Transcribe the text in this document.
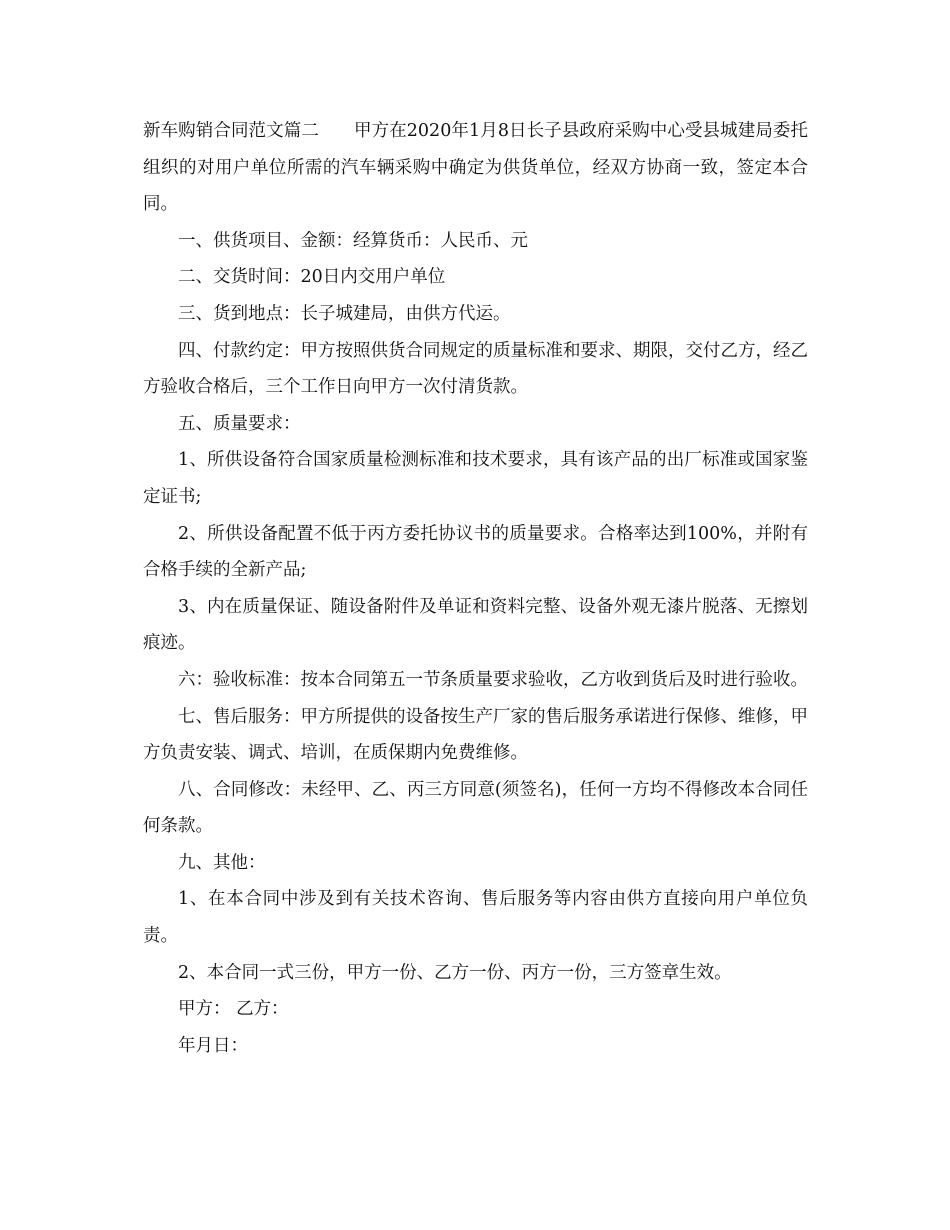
新车购销合同范文篇二 甲方在2020年1月8日长子县政府采购中心受县城建局委托组织的对用户单位所需的汽车辆采购中确定为供货单位，经双方协商一致，签定本合同。

一、供货项目、金额：经算货币：人民币、元

二、交货时间：20日内交用户单位

三、货到地点：长子城建局，由供方代运。

四、付款约定：甲方按照供货合同规定的质量标准和要求、期限，交付乙方，经乙方验收合格后，三个工作日向甲方一次付清货款。

五、质量要求：

1、所供设备符合国家质量检测标准和技术要求，具有该产品的出厂标准或国家鉴定证书;

2、所供设备配置不低于丙方委托协议书的质量要求。合格率达到100%，并附有合格手续的全新产品;

3、内在质量保证、随设备附件及单证和资料完整、设备外观无漆片脱落、无擦划痕迹。

六：验收标准：按本合同第五一节条质量要求验收，乙方收到货后及时进行验收。

七、售后服务：甲方所提供的设备按生产厂家的售后服务承诺进行保修、维修，甲方负责安装、调式、培训，在质保期内免费维修。

八、合同修改：未经甲、乙、丙三方同意(须签名)，任何一方均不得修改本合同任何条款。

九、其他：

1、在本合同中涉及到有关技术咨询、售后服务等内容由供方直接向用户单位负责。

2、本合同一式三份，甲方一份、乙方一份、丙方一份，三方签章生效。

甲方： 乙方：

年月日：
